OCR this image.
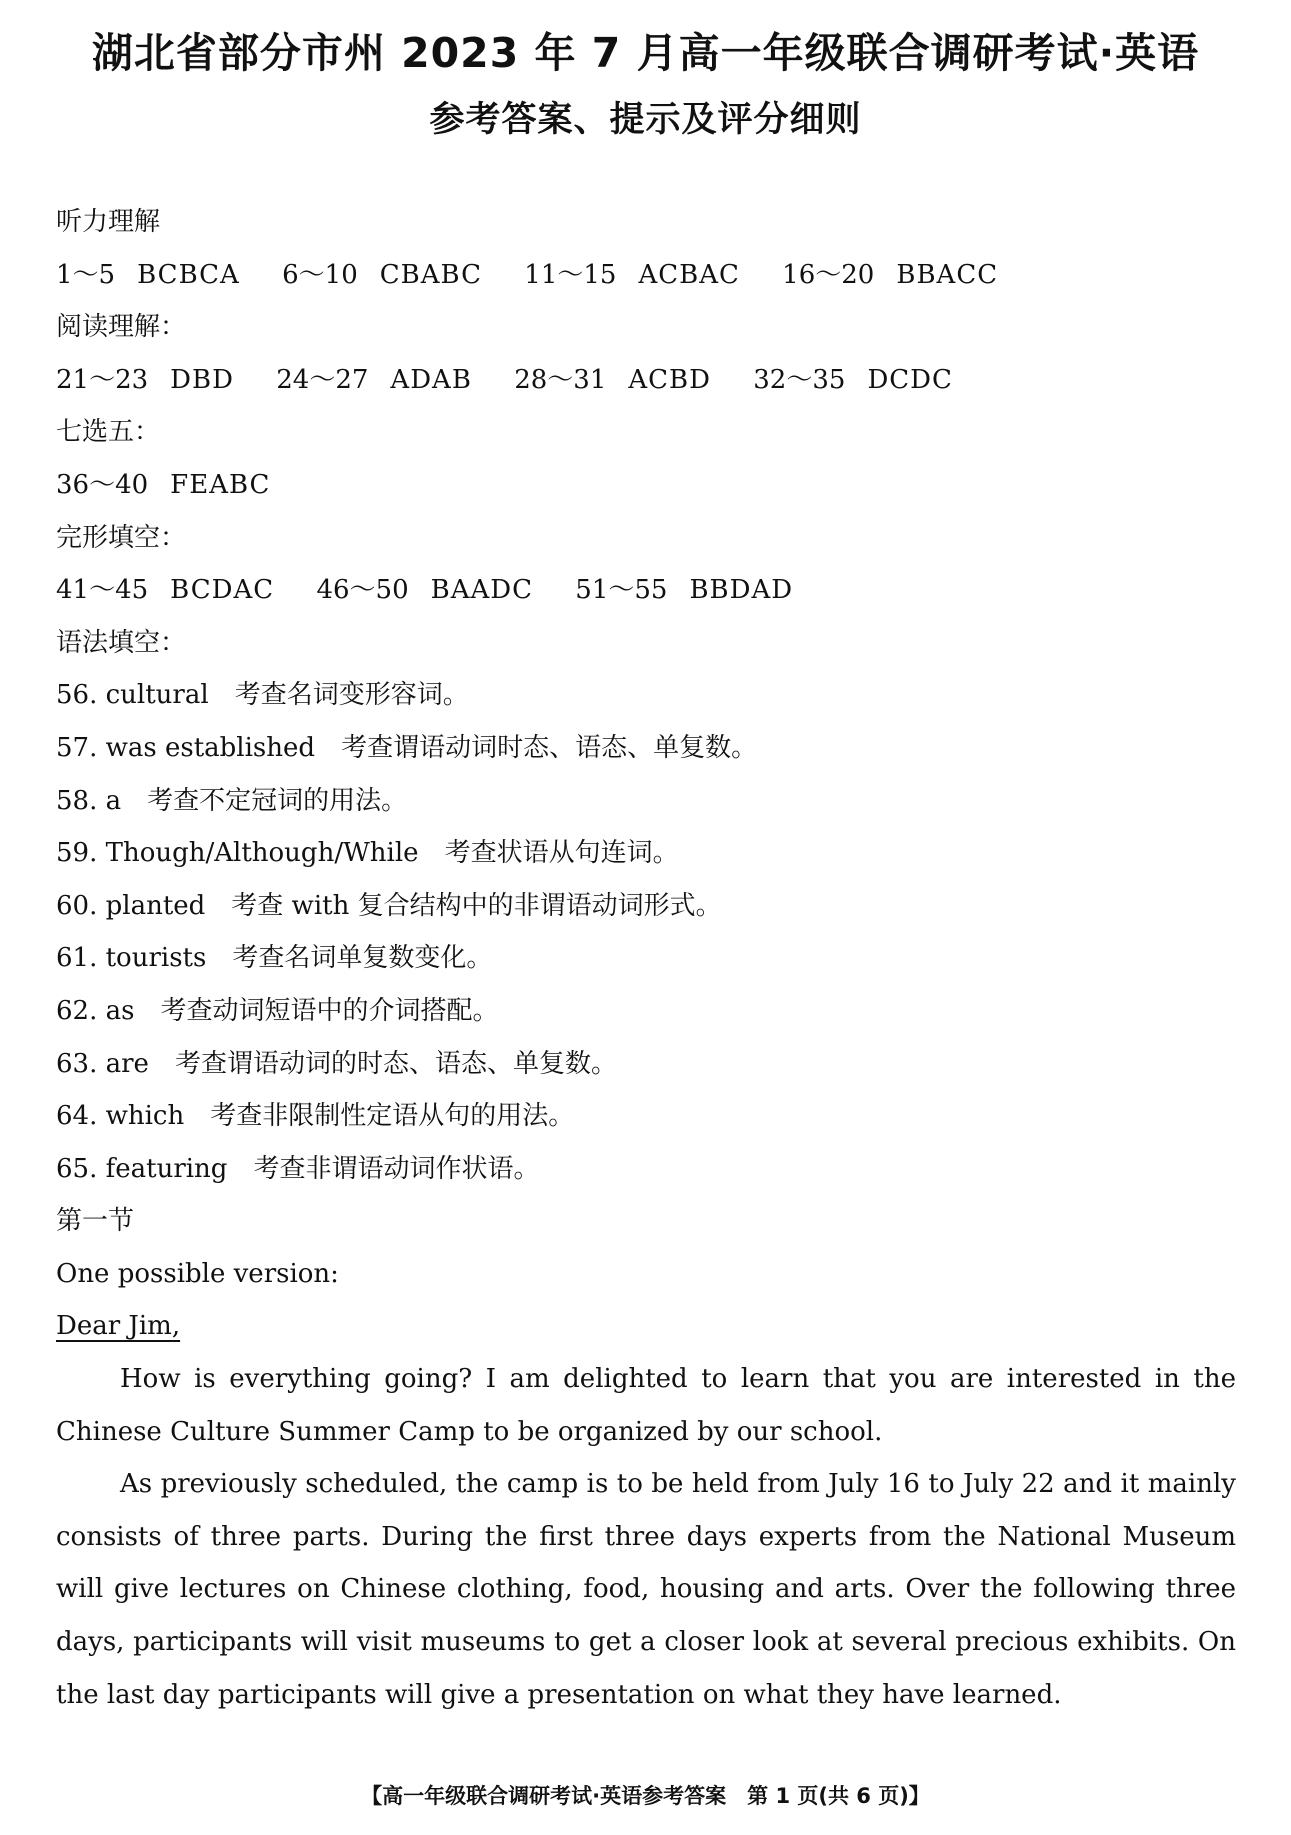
湖北省部分市州 2023 年 7 月高一年级联合调研考试·英语
参考答案、提示及评分细则
听力理解
1～5 BCBCA 6～10 CBABC 11～15 ACBAC 16～20 BBACC
阅读理解：
21～23 DBD 24～27 ADAB 28～31 ACBD 32～35 DCDC
七选五：
36～40 FEABC
完形填空：
41～45 BCDAC 46～50 BAADC 51～55 BBDAD
语法填空：
56. cultural 考查名词变形容词。
57. was established 考查谓语动词时态、语态、单复数。
58. a 考查不定冠词的用法。
59. Though/Although/While 考查状语从句连词。
60. planted 考查 with 复合结构中的非谓语动词形式。
61. tourists 考查名词单复数变化。
62. as 考查动词短语中的介词搭配。
63. are 考查谓语动词的时态、语态、单复数。
64. which 考查非限制性定语从句的用法。
65. featuring 考查非谓语动词作状语。
第一节
One possible version:
Dear Jim,

How is everything going? I am delighted to learn that you are interested in the Chinese Culture Summer Camp to be organized by our school.

As previously scheduled, the camp is to be held from July 16 to July 22 and it mainly consists of three parts. During the first three days experts from the National Museum will give lectures on Chinese clothing, food, housing and arts. Over the following three days, participants will visit museums to get a closer look at several precious exhibits. On the last day participants will give a presentation on what they have learned.

【高一年级联合调研考试·英语参考答案　第 1 页(共 6 页)】
